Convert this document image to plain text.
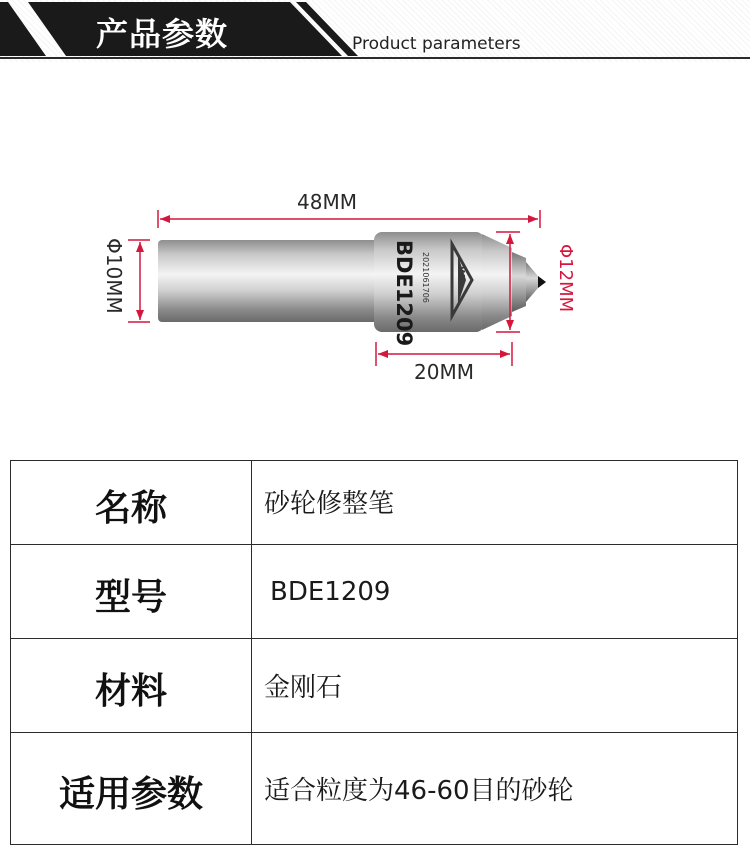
产品参数	Product parameters
48MM
20MM
Φ10MM	Φ12MM
BDE1209 2021061706	WD
名称	砂轮修整笔
型号	BDE1209
材料	金刚石
适用参数	适合粒度为46-60目的砂轮
